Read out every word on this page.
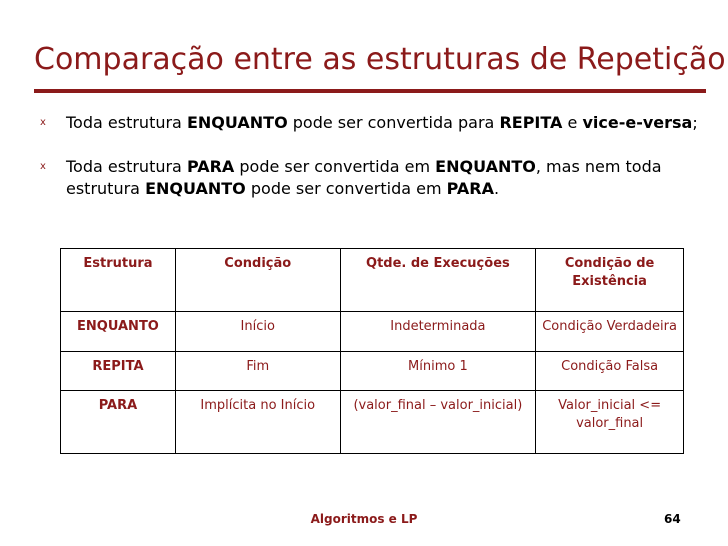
Comparação entre as estruturas de Repetição
x Toda estrutura ENQUANTO pode ser convertida para REPITA e vice-e-versa;
x Toda estrutura PARA pode ser convertida em ENQUANTO, mas nem toda estrutura ENQUANTO pode ser convertida em PARA.
Estrutura	Condição	Qtde. de Execuções	Condição de Existência
ENQUANTO	Início	Indeterminada	Condição Verdadeira
REPITA	Fim	Mínimo 1	Condição Falsa
PARA	Implícita no Início	(valor_final – valor_inicial)	Valor_inicial <= valor_final
Algoritmos e LP	64
